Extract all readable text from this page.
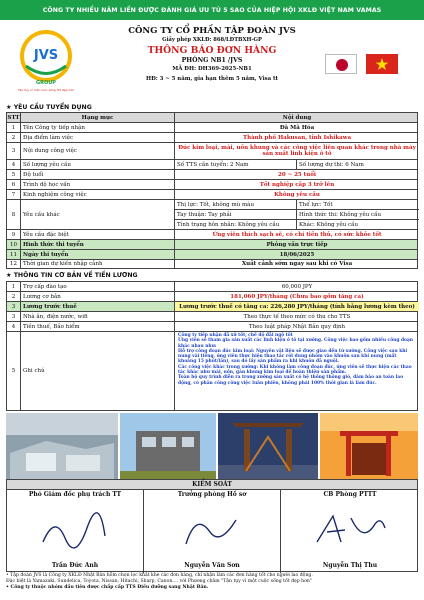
CÔNG TY NHIỀU NĂM LIỀN ĐƯỢC ĐÁNH GIÁ ƯU TÚ 5 SAO CỦA HIỆP HỘI XKLĐ VIỆT NAM VAMAS
JVS
GROUP
Tận tụy vì một cuộc sống tốt đẹp hơn
CÔNG TY CỔ PHẦN TẬP ĐOÀN JVS
Giấy phép XKLĐ: 868/LĐTBXH-GP
THÔNG BÁO ĐƠN HÀNG
PHÒNG NB1 /JVS
MÃ ĐH: DH369-2025-NB1
HĐ: 3 ~ 5 năm, gia hạn thêm 5 năm, Visa tt
★ YÊU CẦU TUYỂN DỤNG
STT	Hạng mục	Nội dung
1	Tên Công ty tiếp nhận	Đã Mã Hóa
2	Địa điểm làm việc	Thành phố Hakusan, tỉnh Ishikawa
3	Nội dung công việc	Đúc kim loại, mài, uốn khung và các công việc liên quan khác trong nhà máy sản xuất linh kiện ô tô
4	Số lượng yêu cầu	Số TTS cần tuyển: 2 Nam	Số lượng dự thi: 6 Nam
5	Độ tuổi	20 ~ 25 tuổi
6	Trình độ học vấn	Tốt nghiệp cấp 3 trở lên
7	Kinh nghiệm công việc	Không yêu cầu
8	Yêu cầu khác
Thị lực: Tốt, không mù màu	Thể lực: Tốt
Tay thuận: Tay phải	Hình thức thi: Không yêu cầu
Tính trạng hôn nhân: Không yêu cầu	Khác: Không yêu cầu
9	Yêu cầu đặc biệt	Ứng viên thích sạch sẽ, có chí tiến thủ, có sức khỏe tốt
10	Hình thức thi tuyển	Phỏng vấn trực tiếp
11	Ngày thi tuyển	18/06/2025
12	Thời gian dự kiến nhập cảnh	Xuất cảnh sớm ngay sau khi có Visa
★ THÔNG TIN CƠ BẢN VỀ TIỀN LƯƠNG
1	Trợ cấp đào tạo	60,000 JPY
2	Lương cơ bản	181,060 JPY/tháng (Chưa bao gồm tăng ca)
3	Lương trước thuế	Lương trước thuế có tăng ca: 226,280 JPY/tháng (tính bằng lương kèm theo)
3	Nhà ăn, điện nước, wifi	Theo thực tế theo mức có thu cho TTS
4	Tiền thuế, Bảo hiểm	Theo luật pháp Nhật Bản quy định
5	Ghi chú
Công ty tiếp nhận đã xử tốt, chế độ đãi ngộ tốt
Ứng viên sẽ tham gia sản xuất các linh kiện ô tô tại xưởng. Công việc bao gồm nhiều công đoạn khác nhau như:
Hỗ trợ công đoạn đúc kim loại: Nguyên vật liệu sẽ được giao đến từ xưởng. Công việc sau khi nung vài tiếng, ứng viên thực hiện thao tác rót dung nhôm vào khuôn sau khi nung (mất khoảng 15 phút/lần), sau đó lấy sản phẩm ra khi khuôn đã nguội.
Các công việc khác trong xưởng: Khi không làm công đoạn đúc, ứng viên sẽ thực hiện các thao tác khác như mài, uốn, gắn khung kim loại để hoàn thiện sản phẩm.
Toàn bộ quy trình diễn ra trong xưởng sản xuất có hệ thống thông gió, đảm bảo an toàn lao động, có phân công công việc luân phiên, không phải 100% thời gian là làm đúc.
KIỂM SOÁT
Phó Giám đốc phụ trách TT
Trần Đức Anh
Trưởng phòng Hồ sơ
Nguyễn Văn Sơn
CB Phòng PTTT
Nguyễn Thị Thu
• Tập đoàn JVS là Công ty XKLĐ Nhật Bản hỗm chọn lọc khắt khe các đơn hàng, chỉ nhận làm các đơn hàng tốt cho người lao động.
Đặc biệt là Yamazaki, Sundelica, Toyota, Nissan, Hitachi, Sharp, Canon.... với Phương châm "Tận tụy vì một cuộc sống tốt đẹp hơn"
• Công ty thuộc nhóm đầu tiên được chấp cấp TTS Điều dưỡng sang Nhật Bản.
